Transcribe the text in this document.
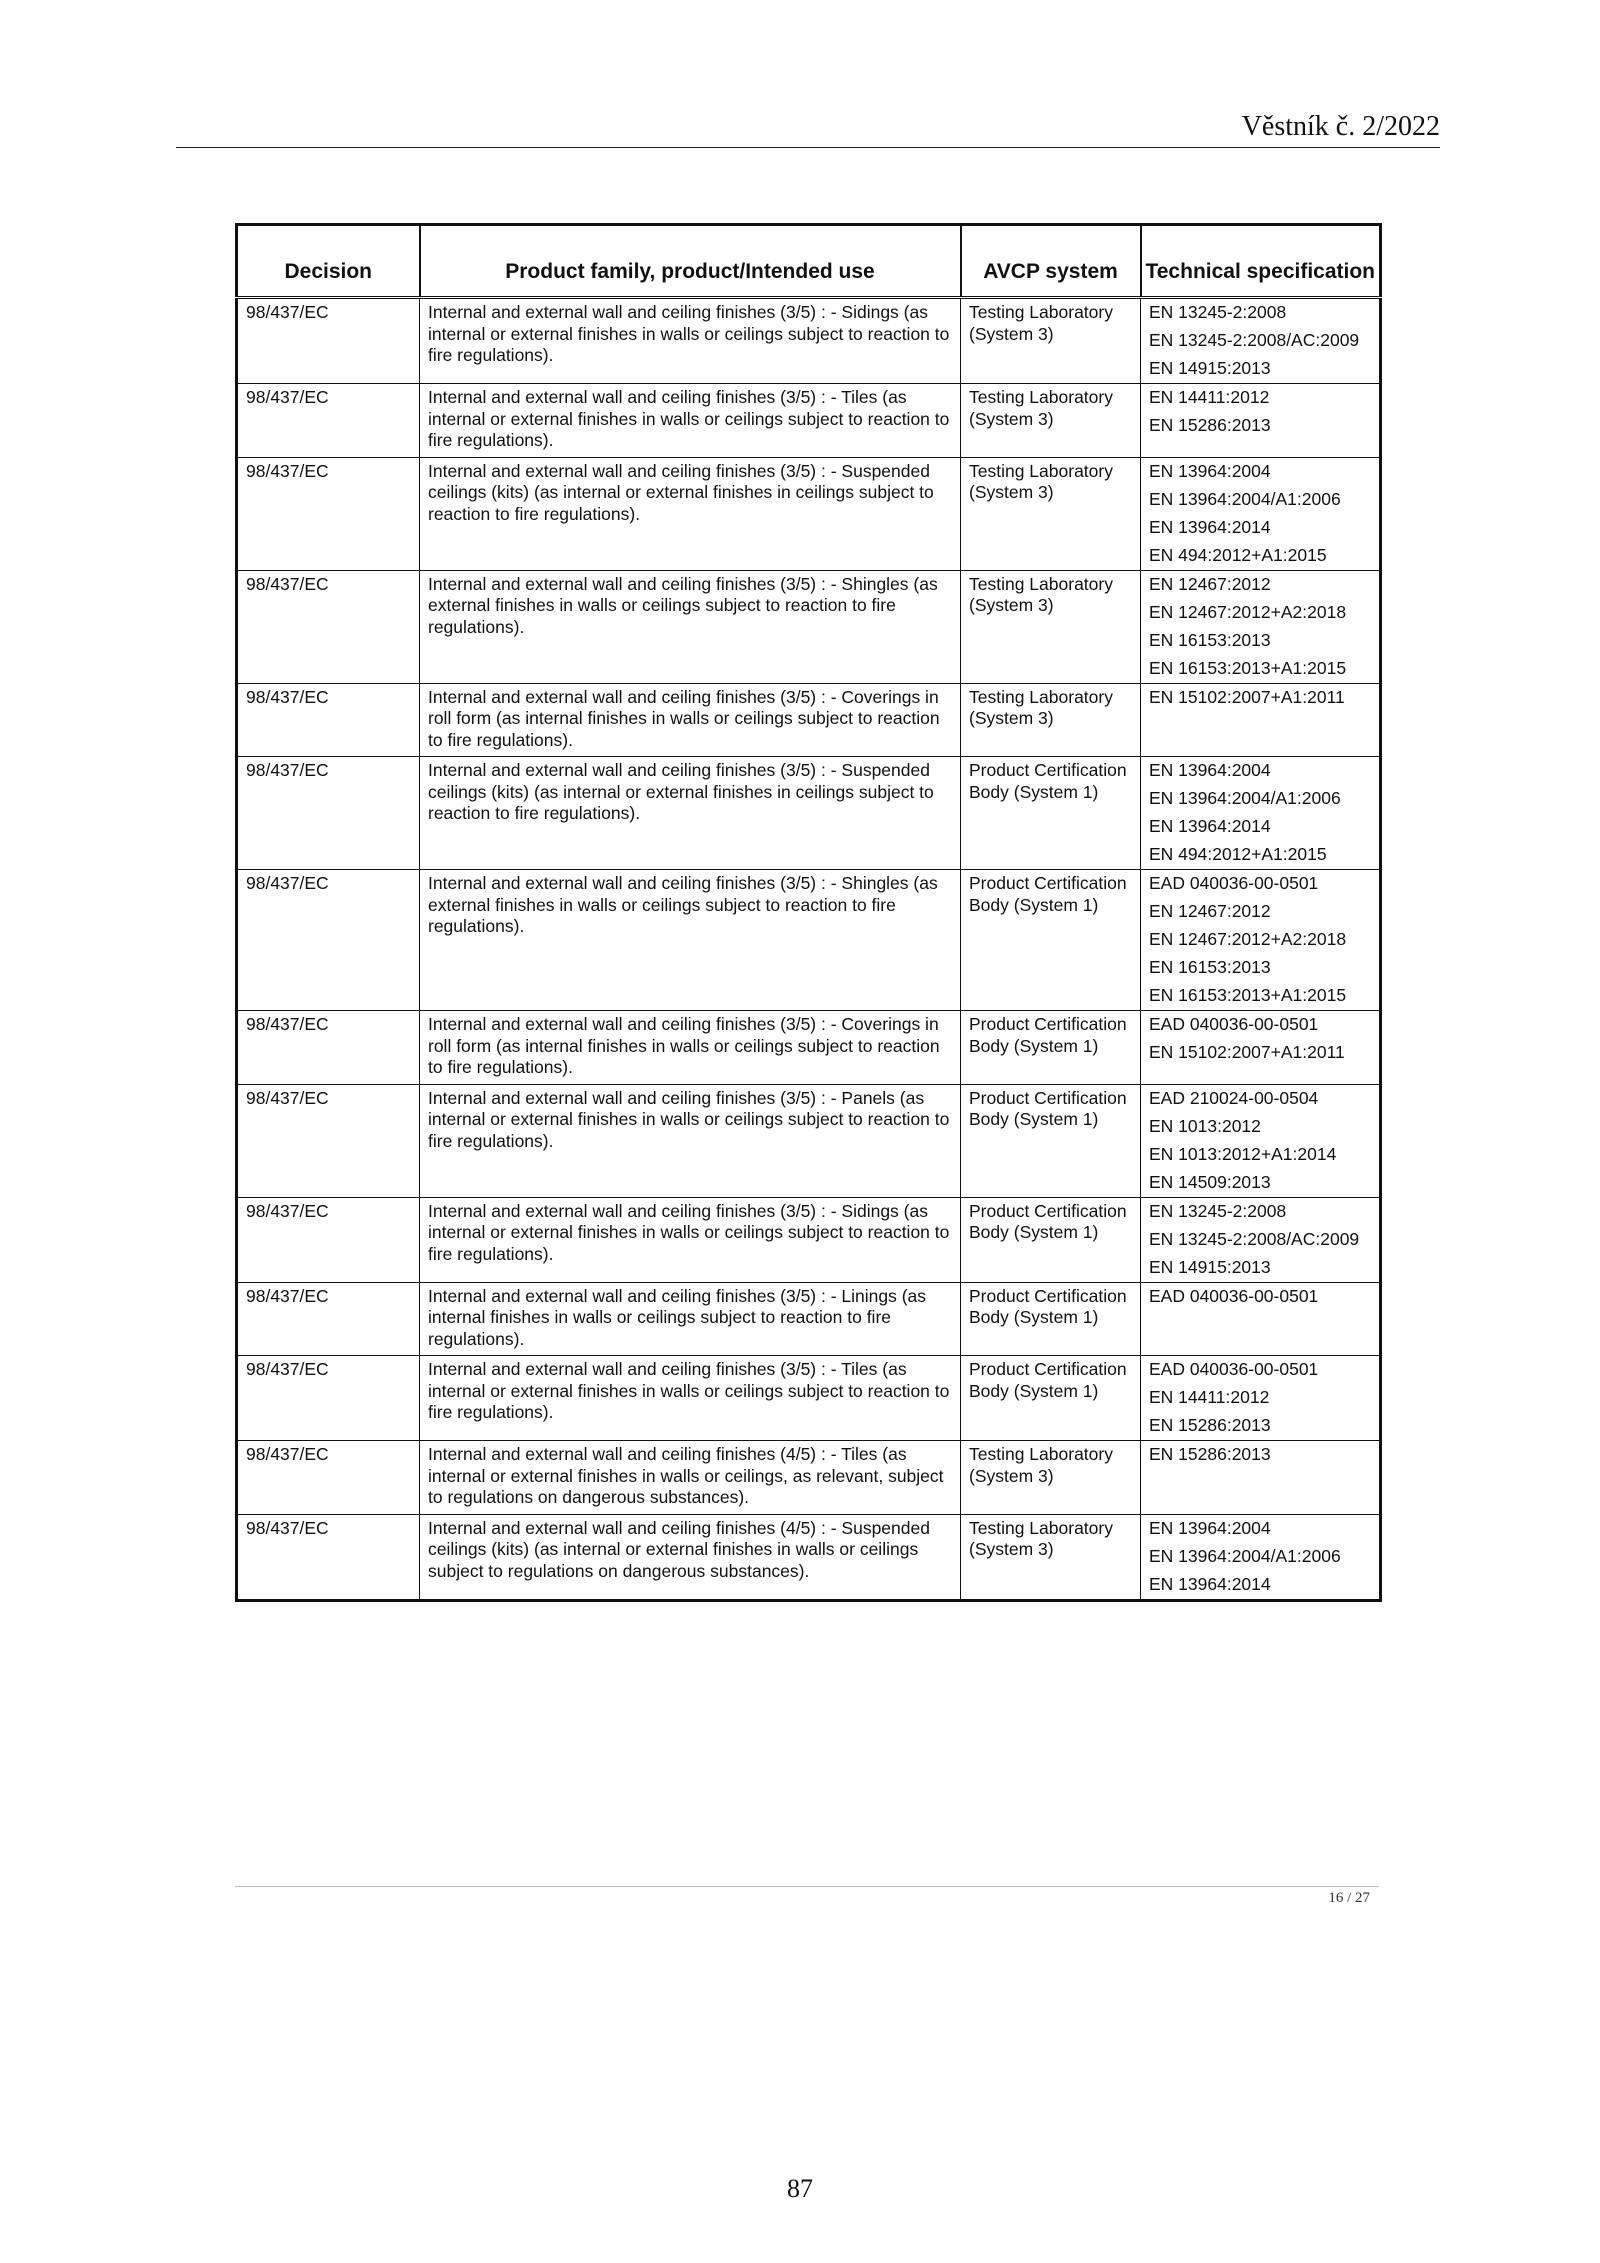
Věstník č. 2/2022
Decision	Product family, product/Intended use	AVCP system	Technical specification
98/437/EC	Internal and external wall and ceiling finishes (3/5) : - Sidings (as internal or external finishes in walls or ceilings subject to reaction to fire regulations).	Testing Laboratory (System 3)	EN 13245-2:2008
EN 13245-2:2008/AC:2009
EN 14915:2013

98/437/EC	Internal and external wall and ceiling finishes (3/5) : - Tiles (as internal or external finishes in walls or ceilings subject to reaction to fire regulations).	Testing Laboratory (System 3)	EN 14411:2012
EN 15286:2013

98/437/EC	Internal and external wall and ceiling finishes (3/5) : - Suspended ceilings (kits) (as internal or external finishes in ceilings subject to reaction to fire regulations).	Testing Laboratory (System 3)	EN 13964:2004
EN 13964:2004/A1:2006
EN 13964:2014
EN 494:2012+A1:2015

98/437/EC	Internal and external wall and ceiling finishes (3/5) : - Shingles (as external finishes in walls or ceilings subject to reaction to fire regulations).	Testing Laboratory (System 3)	EN 12467:2012
EN 12467:2012+A2:2018
EN 16153:2013
EN 16153:2013+A1:2015

98/437/EC	Internal and external wall and ceiling finishes (3/5) : - Coverings in roll form (as internal finishes in walls or ceilings subject to reaction to fire regulations).	Testing Laboratory (System 3)	EN 15102:2007+A1:2011

98/437/EC	Internal and external wall and ceiling finishes (3/5) : - Suspended ceilings (kits) (as internal or external finishes in ceilings subject to reaction to fire regulations).	Product Certification Body (System 1)	EN 13964:2004
EN 13964:2004/A1:2006
EN 13964:2014
EN 494:2012+A1:2015

98/437/EC	Internal and external wall and ceiling finishes (3/5) : - Shingles (as external finishes in walls or ceilings subject to reaction to fire regulations).	Product Certification Body (System 1)	EAD 040036-00-0501
EN 12467:2012
EN 12467:2012+A2:2018
EN 16153:2013
EN 16153:2013+A1:2015

98/437/EC	Internal and external wall and ceiling finishes (3/5) : - Coverings in roll form (as internal finishes in walls or ceilings subject to reaction to fire regulations).	Product Certification Body (System 1)	EAD 040036-00-0501
EN 15102:2007+A1:2011

98/437/EC	Internal and external wall and ceiling finishes (3/5) : - Panels (as internal or external finishes in walls or ceilings subject to reaction to fire regulations).	Product Certification Body (System 1)	EAD 210024-00-0504
EN 1013:2012
EN 1013:2012+A1:2014
EN 14509:2013

98/437/EC	Internal and external wall and ceiling finishes (3/5) : - Sidings (as internal or external finishes in walls or ceilings subject to reaction to fire regulations).	Product Certification Body (System 1)	EN 13245-2:2008
EN 13245-2:2008/AC:2009
EN 14915:2013

98/437/EC	Internal and external wall and ceiling finishes (3/5) : - Linings (as internal finishes in walls or ceilings subject to reaction to fire regulations).	Product Certification Body (System 1)	EAD 040036-00-0501

98/437/EC	Internal and external wall and ceiling finishes (3/5) : - Tiles (as internal or external finishes in walls or ceilings subject to reaction to fire regulations).	Product Certification Body (System 1)	EAD 040036-00-0501
EN 14411:2012
EN 15286:2013

98/437/EC	Internal and external wall and ceiling finishes (4/5) : - Tiles (as internal or external finishes in walls or ceilings, as relevant, subject to regulations on dangerous substances).	Testing Laboratory (System 3)	EN 15286:2013

98/437/EC	Internal and external wall and ceiling finishes (4/5) : - Suspended ceilings (kits) (as internal or external finishes in walls or ceilings subject to regulations on dangerous substances).	Testing Laboratory (System 3)	EN 13964:2004
EN 13964:2004/A1:2006
EN 13964:2014
16 / 27
87
